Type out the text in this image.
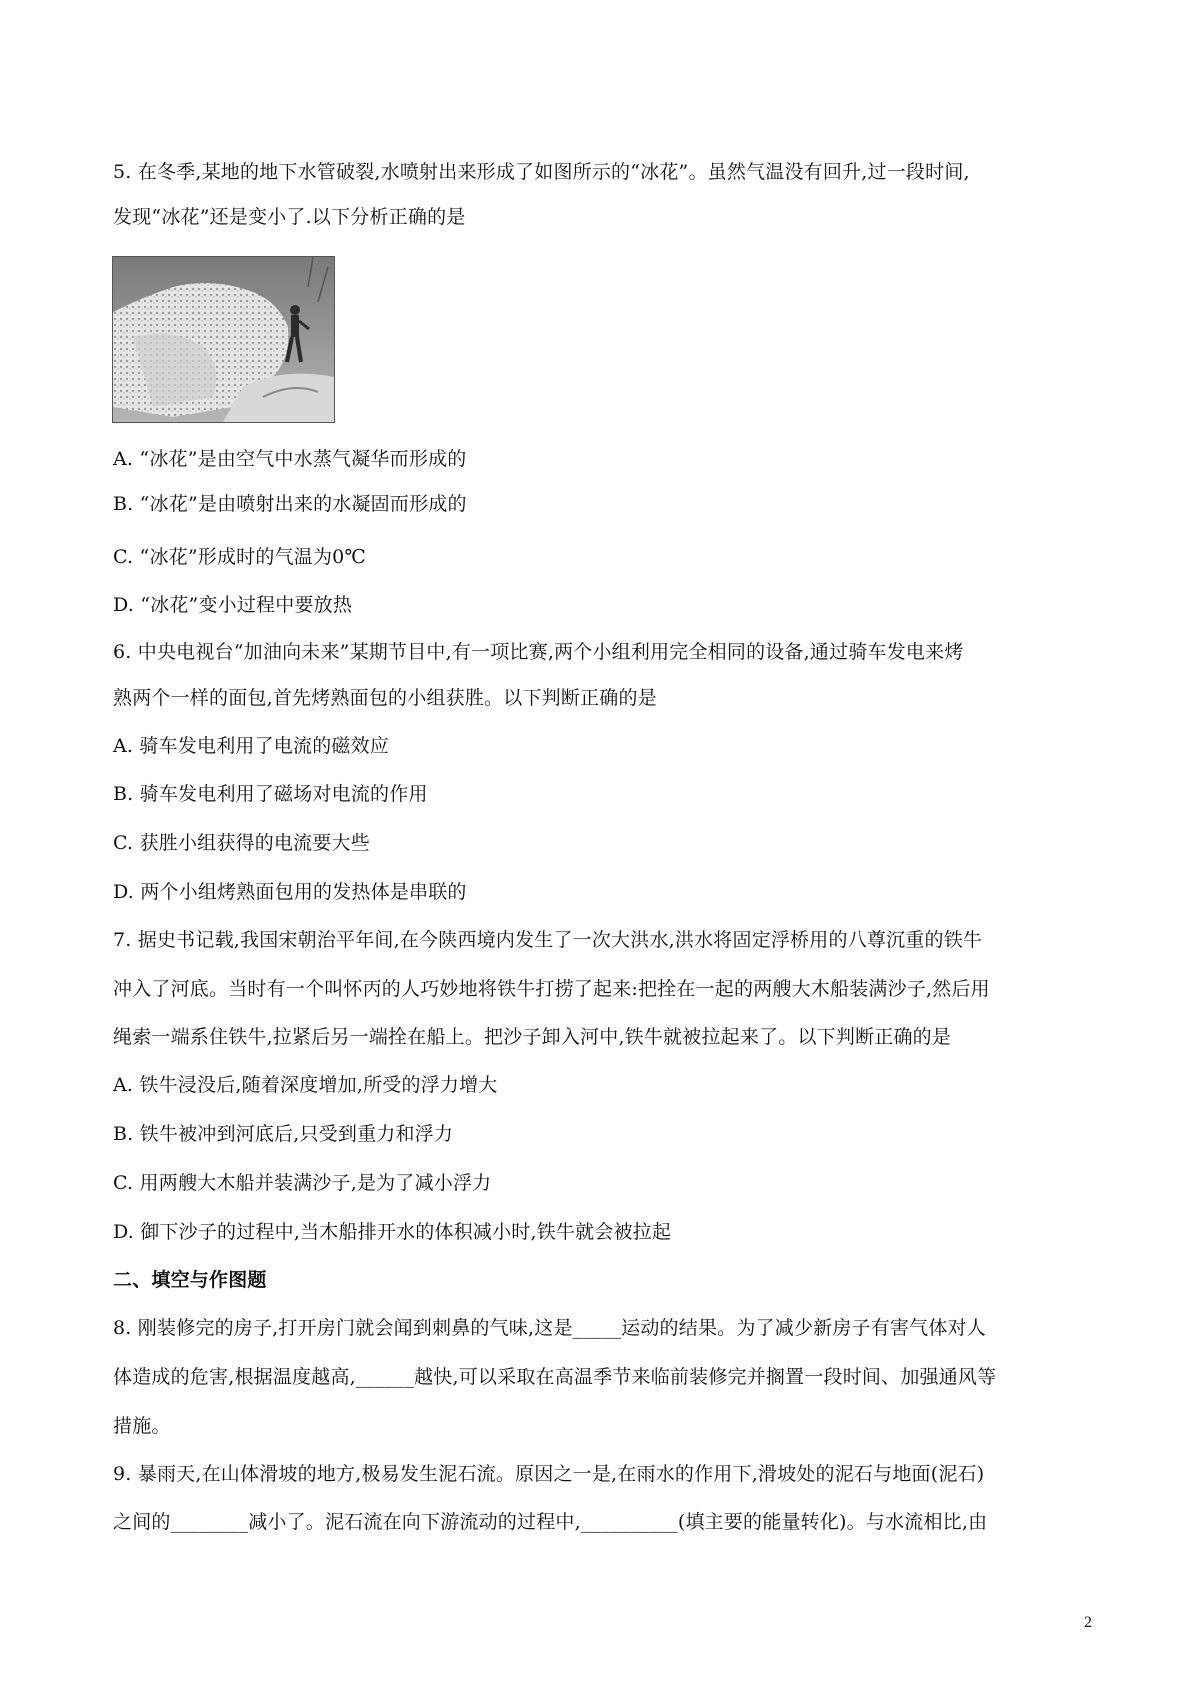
5. 在冬季,某地的地下水管破裂,水喷射出来形成了如图所示的“冰花”。虽然气温没有回升,过一段时间,
发现“冰花”还是变小了.以下分析正确的是
A. “冰花”是由空气中水蒸气凝华而形成的
B. “冰花”是由喷射出来的水凝固而形成的
C. “冰花”形成时的气温为0℃
D. “冰花”变小过程中要放热
6. 中央电视台“加油向未来”某期节目中,有一项比赛,两个小组利用完全相同的设备,通过骑车发电来烤
熟两个一样的面包,首先烤熟面包的小组获胜。以下判断正确的是
A. 骑车发电利用了电流的磁效应
B. 骑车发电利用了磁场对电流的作用
C. 获胜小组获得的电流要大些
D. 两个小组烤熟面包用的发热体是串联的
7. 据史书记载,我国宋朝治平年间,在今陕西境内发生了一次大洪水,洪水将固定浮桥用的八尊沉重的铁牛
冲入了河底。当时有一个叫怀丙的人巧妙地将铁牛打捞了起来:把拴在一起的两艘大木船装满沙子,然后用
绳索一端系住铁牛,拉紧后另一端拴在船上。把沙子卸入河中,铁牛就被拉起来了。以下判断正确的是
A. 铁牛浸没后,随着深度增加,所受的浮力增大
B. 铁牛被冲到河底后,只受到重力和浮力
C. 用两艘大木船并装满沙子,是为了减小浮力
D. 御下沙子的过程中,当木船排开水的体积减小时,铁牛就会被拉起
二、填空与作图题
8. 刚装修完的房子,打开房门就会闻到刺鼻的气味,这是_____运动的结果。为了减少新房子有害气体对人
体造成的危害,根据温度越高,______越快,可以采取在高温季节来临前装修完并搁置一段时间、加强通风等
措施。
9. 暴雨天,在山体滑坡的地方,极易发生泥石流。原因之一是,在雨水的作用下,滑坡处的泥石与地面(泥石)
之间的________减小了。泥石流在向下游流动的过程中,__________(填主要的能量转化)。与水流相比,由
2
